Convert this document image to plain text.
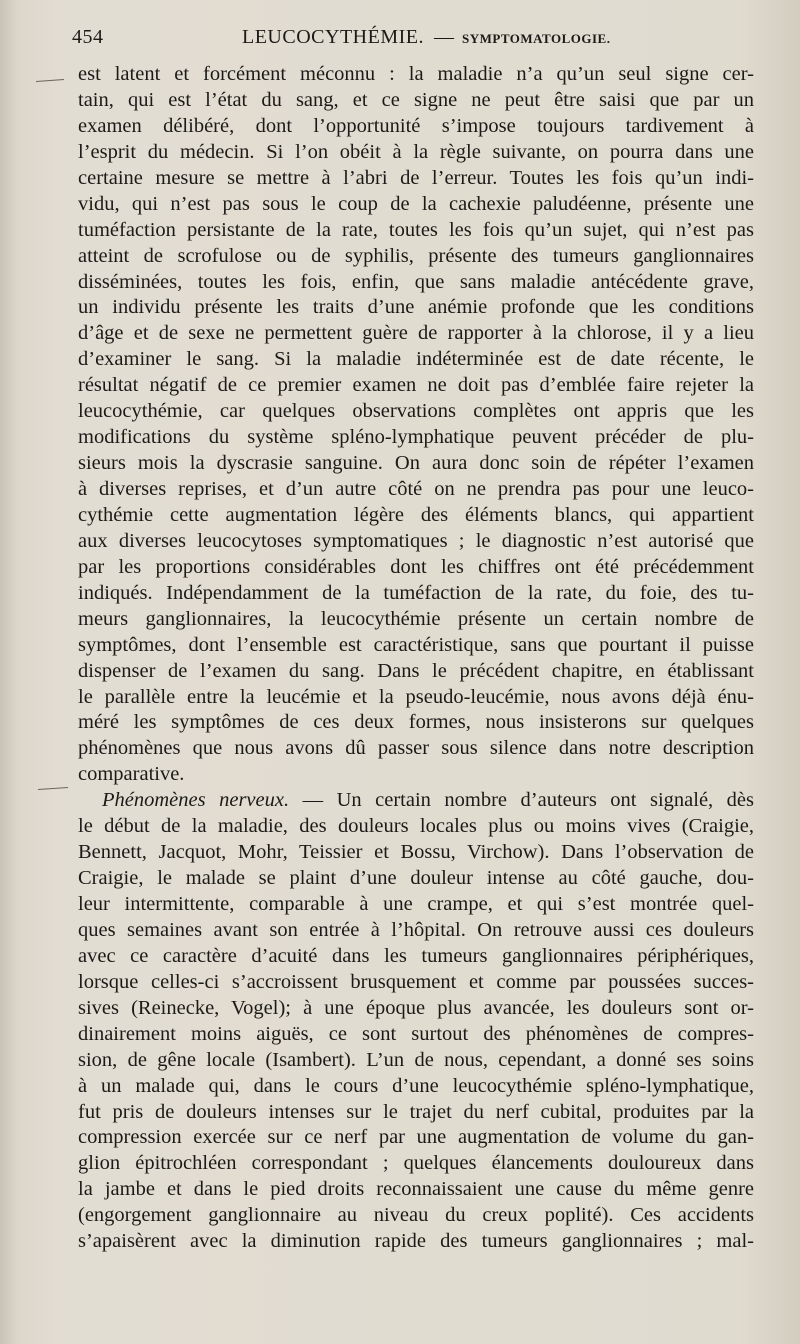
454	LEUCOCYTHÉMIE. — SYMPTOMATOLOGIE.
est latent et forcément méconnu : la maladie n’a qu’un seul signe cer-
tain, qui est l’état du sang, et ce signe ne peut être saisi que par un
examen délibéré, dont l’opportunité s’impose toujours tardivement à
l’esprit du médecin. Si l’on obéit à la règle suivante, on pourra dans une
certaine mesure se mettre à l’abri de l’erreur. Toutes les fois qu’un indi-
vidu, qui n’est pas sous le coup de la cachexie paludéenne, présente une
tuméfaction persistante de la rate, toutes les fois qu’un sujet, qui n’est pas
atteint de scrofulose ou de syphilis, présente des tumeurs ganglionnaires
disséminées, toutes les fois, enfin, que sans maladie antécédente grave,
un individu présente les traits d’une anémie profonde que les conditions
d’âge et de sexe ne permettent guère de rapporter à la chlorose, il y a lieu
d’examiner le sang. Si la maladie indéterminée est de date récente, le
résultat négatif de ce premier examen ne doit pas d’emblée faire rejeter la
leucocythémie, car quelques observations complètes ont appris que les
modifications du système spléno-lymphatique peuvent précéder de plu-
sieurs mois la dyscrasie sanguine. On aura donc soin de répéter l’examen
à diverses reprises, et d’un autre côté on ne prendra pas pour une leuco-
cythémie cette augmentation légère des éléments blancs, qui appartient
aux diverses leucocytoses symptomatiques ; le diagnostic n’est autorisé que
par les proportions considérables dont les chiffres ont été précédemment
indiqués. Indépendamment de la tuméfaction de la rate, du foie, des tu-
meurs ganglionnaires, la leucocythémie présente un certain nombre de
symptômes, dont l’ensemble est caractéristique, sans que pourtant il puisse
dispenser de l’examen du sang. Dans le précédent chapitre, en établissant
le parallèle entre la leucémie et la pseudo-leucémie, nous avons déjà énu-
méré les symptômes de ces deux formes, nous insisterons sur quelques
phénomènes que nous avons dû passer sous silence dans notre description
comparative.
Phénomènes nerveux. — Un certain nombre d’auteurs ont signalé, dès
le début de la maladie, des douleurs locales plus ou moins vives (Craigie,
Bennett, Jacquot, Mohr, Teissier et Bossu, Virchow). Dans l’observation de
Craigie, le malade se plaint d’une douleur intense au côté gauche, dou-
leur intermittente, comparable à une crampe, et qui s’est montrée quel-
ques semaines avant son entrée à l’hôpital. On retrouve aussi ces douleurs
avec ce caractère d’acuité dans les tumeurs ganglionnaires périphériques,
lorsque celles-ci s’accroissent brusquement et comme par poussées succes-
sives (Reinecke, Vogel); à une époque plus avancée, les douleurs sont or-
dinairement moins aiguës, ce sont surtout des phénomènes de compres-
sion, de gêne locale (Isambert). L’un de nous, cependant, a donné ses soins
à un malade qui, dans le cours d’une leucocythémie spléno-lymphatique,
fut pris de douleurs intenses sur le trajet du nerf cubital, produites par la
compression exercée sur ce nerf par une augmentation de volume du gan-
glion épitrochléen correspondant ; quelques élancements douloureux dans
la jambe et dans le pied droits reconnaissaient une cause du même genre
(engorgement ganglionnaire au niveau du creux poplité). Ces accidents
s’apaisèrent avec la diminution rapide des tumeurs ganglionnaires ; mal-
